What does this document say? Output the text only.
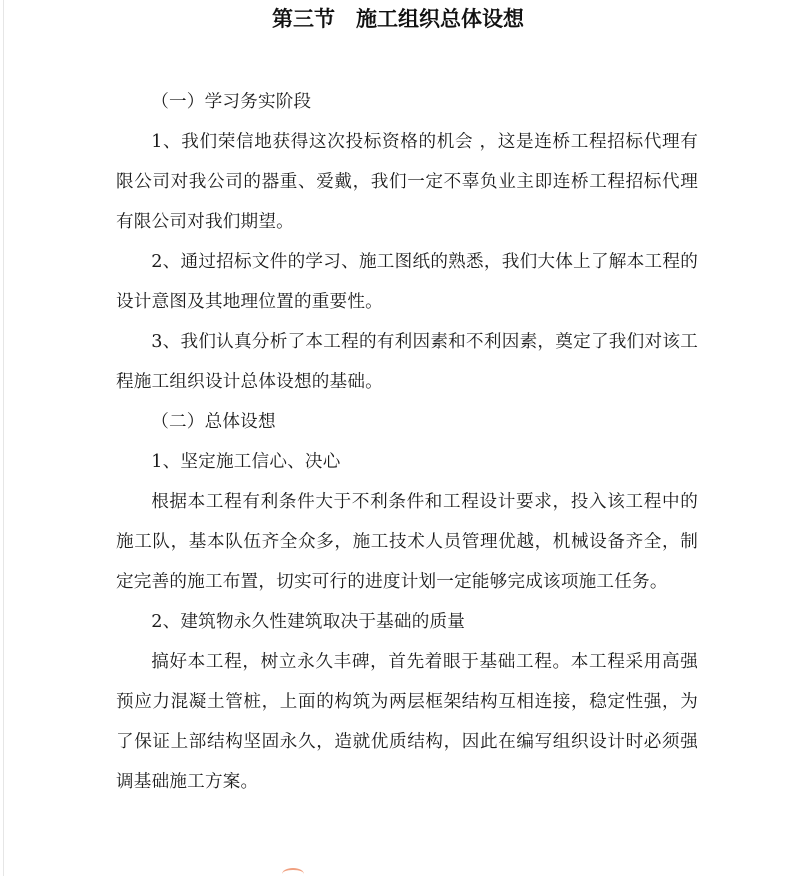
第三节　施工组织总体设想

（一）学习务实阶段

1、我们荣信地获得这次投标资格的机会 ，这是连桥工程招标代理有限公司对我公司的器重、爱戴，我们一定不辜负业主即连桥工程招标代理有限公司对我们期望。

2、通过招标文件的学习、施工图纸的熟悉，我们大体上了解本工程的设计意图及其地理位置的重要性。

3、我们认真分析了本工程的有利因素和不利因素，奠定了我们对该工程施工组织设计总体设想的基础。

（二）总体设想

1、坚定施工信心、决心

根据本工程有利条件大于不利条件和工程设计要求，投入该工程中的施工队，基本队伍齐全众多，施工技术人员管理优越，机械设备齐全，制定完善的施工布置，切实可行的进度计划一定能够完成该项施工任务。

2、建筑物永久性建筑取决于基础的质量

搞好本工程，树立永久丰碑，首先着眼于基础工程。本工程采用高强预应力混凝土管桩，上面的构筑为两层框架结构互相连接，稳定性强，为了保证上部结构坚固永久，造就优质结构，因此在编写组织设计时必须强调基础施工方案。
